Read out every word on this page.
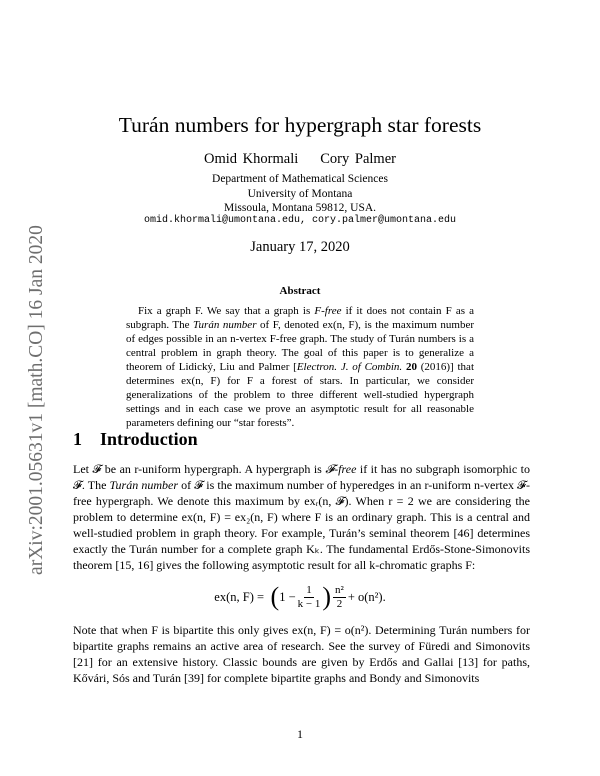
arXiv:2001.05631v1 [math.CO] 16 Jan 2020
Turán numbers for hypergraph star forests
Omid Khormali Cory Palmer
Department of Mathematical Sciences
University of Montana
Missoula, Montana 59812, USA.
omid.khormali@umontana.edu, cory.palmer@umontana.edu
January 17, 2020
Abstract

Fix a graph F. We say that a graph is F-free if it does not contain F as a subgraph. The Turán number of F, denoted ex(n, F), is the maximum number of edges possible in an n-vertex F-free graph. The study of Turán numbers is a central problem in graph theory. The goal of this paper is to generalize a theorem of Lidický, Liu and Palmer [Electron. J. of Combin. 20 (2016)] that determines ex(n, F) for F a forest of stars. In particular, we consider generalizations of the problem to three different well-studied hypergraph settings and in each case we prove an asymptotic result for all reasonable parameters defining our “star forests”.

1 Introduction

Let 𝓕 be an r-uniform hypergraph. A hypergraph is 𝓕-free if it has no subgraph isomorphic to 𝓕. The Turán number of 𝓕 is the maximum number of hyperedges in an r-uniform n-vertex 𝓕-free hypergraph. We denote this maximum by exᵣ(n, 𝓕). When r = 2 we are considering the problem to determine ex(n, F) = ex₂(n, F) where F is an ordinary graph. This is a central and well-studied problem in graph theory. For example, Turán’s seminal theorem [46] determines exactly the Turán number for a complete graph Kₖ. The fundamental Erdős-Stone-Simonovits theorem [15, 16] gives the following asymptotic result for all k-chromatic graphs F:

ex(n, F) = ( $1 - \frac{1}{k - 1}$ ) $\frac{\text{n²}}{2} + o(n^2)$.

Note that when F is bipartite this only gives ex(n, F) = o(n²). Determining Turán numbers for bipartite graphs remains an active area of research. See the survey of Füredi and Simonovits [21] for an extensive history. Classic bounds are given by Erdős and Gallai [13] for paths, Kővári, Sós and Turán [39] for complete bipartite graphs and Bondy and Simonovits

1
